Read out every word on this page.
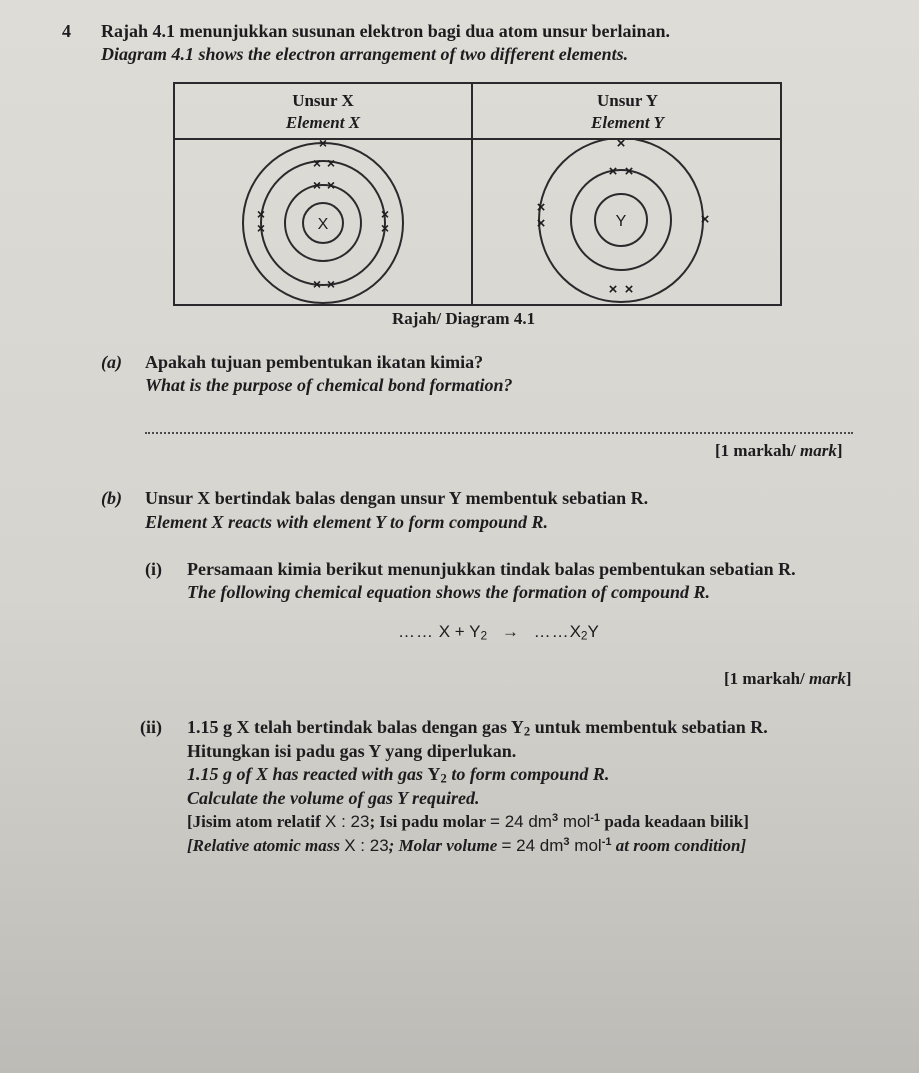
4 Rajah 4.1 menunjukkan susunan elektron bagi dua atom unsur berlainan.
Diagram 4.1 shows the electron arrangement of two different elements.
Unsur X
Element X
Unsur Y
Element Y
X
×
× ×
× ×
×
×
×
×
× ×
Y
×
× ×
×
×	×
× ×
Rajah/ Diagram 4.1
(a) Apakah tujuan pembentukan ikatan kimia?
What is the purpose of chemical bond formation?
[1 markah/ mark]
(b) Unsur X bertindak balas dengan unsur Y membentuk sebatian R.
Element X reacts with element Y to form compound R.
(i) Persamaan kimia berikut menunjukkan tindak balas pembentukan sebatian R.
The following chemical equation shows the formation of compound R.
…… $X + Y_2$ → $\dots\dots X_2Y$
[1 markah/ mark]
(ii) 1.15 g X telah bertindak balas dengan gas $Y_2$ untuk membentuk sebatian R.
Hitungkan isi padu gas Y yang diperlukan.
1.15 g of X has reacted with gas $Y_2$ to form compound R.
Calculate the volume of gas Y required.
[Jisim atom relatif X : 23; Isi padu molar = 24 $dm^3$ mol$^{-1}$ pada keadaan bilik]
[Relative atomic mass X : 23; Molar volume = 24 $dm^3$ mol$^{-1}$ at room condition]
